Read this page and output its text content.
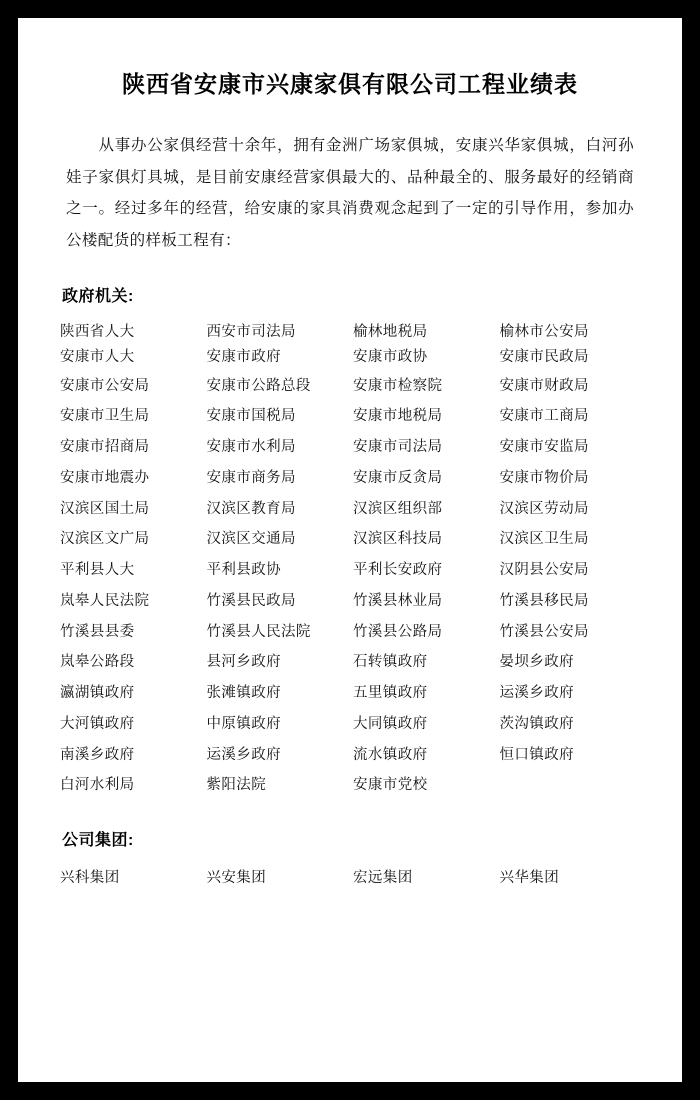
陕西省安康市兴康家俱有限公司工程业绩表

从事办公家俱经营十余年，拥有金洲广场家俱城，安康兴华家俱城，白河孙娃子家俱灯具城，是目前安康经营家俱最大的、品种最全的、服务最好的经销商之一。经过多年的经营，给安康的家具消费观念起到了一定的引导作用，参加办公楼配货的样板工程有：

政府机关:
陕西省人大	西安市司法局	榆林地税局	榆林市公安局
安康市人大	安康市政府	安康市政协	安康市民政局
安康市公安局	安康市公路总段	安康市检察院	安康市财政局
安康市卫生局	安康市国税局	安康市地税局	安康市工商局
安康市招商局	安康市水利局	安康市司法局	安康市安监局
安康市地震办	安康市商务局	安康市反贪局	安康市物价局
汉滨区国土局	汉滨区教育局	汉滨区组织部	汉滨区劳动局
汉滨区文广局	汉滨区交通局	汉滨区科技局	汉滨区卫生局
平利县人大	平利县政协	平利长安政府	汉阴县公安局
岚皋人民法院	竹溪县民政局	竹溪县林业局	竹溪县移民局
竹溪县县委	竹溪县人民法院	竹溪县公路局	竹溪县公安局
岚皋公路段	县河乡政府	石转镇政府	晏坝乡政府
瀛湖镇政府	张滩镇政府	五里镇政府	运溪乡政府
大河镇政府	中原镇政府	大同镇政府	茨沟镇政府
南溪乡政府	运溪乡政府	流水镇政府	恒口镇政府
白河水利局	紫阳法院	安康市党校
公司集团:
兴科集团	兴安集团	宏远集团	兴华集团
